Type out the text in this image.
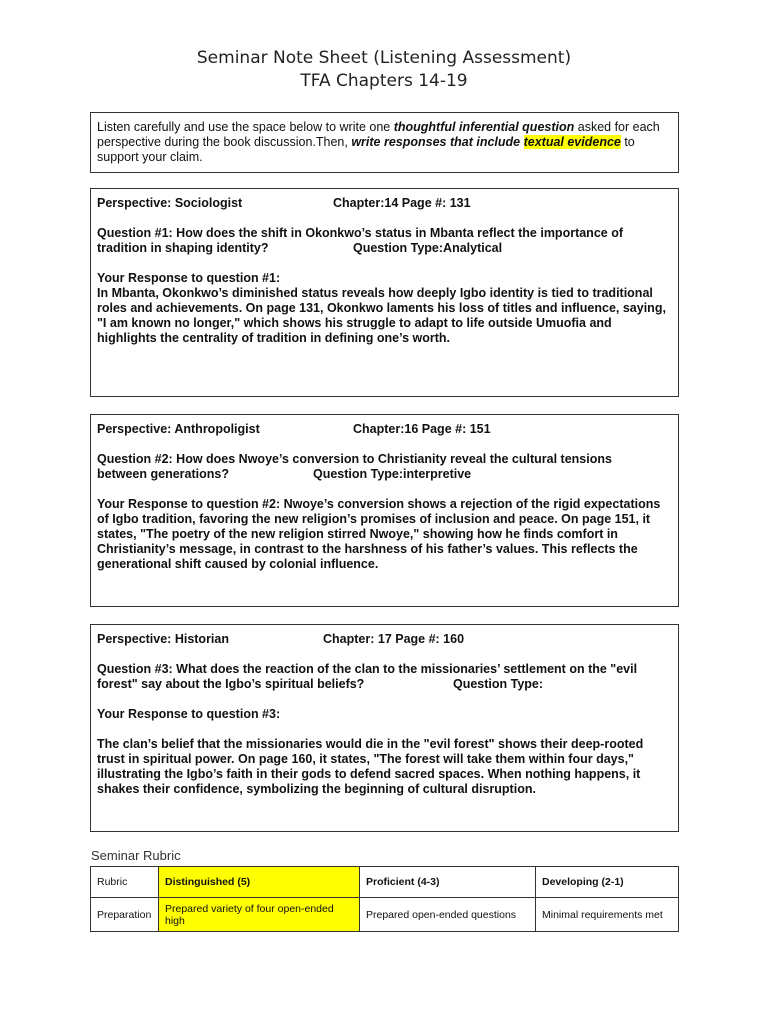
Seminar Note Sheet (Listening Assessment)
TFA Chapters 14-19
Listen carefully and use the space below to write one thoughtful inferential question asked for each perspective during the book discussion.Then, write responses that include textual evidence to support your claim.
Perspective: Sociologist	Chapter:14 Page #: 131
Question #1: How does the shift in Okonkwo’s status in Mbanta reflect the importance of
tradition in shaping identity?	Question Type:Analytical
Your Response to question #1:
In Mbanta, Okonkwo’s diminished status reveals how deeply Igbo identity is tied to traditional
roles and achievements. On page 131, Okonkwo laments his loss of titles and influence, saying,
"I am known no longer," which shows his struggle to adapt to life outside Umuofia and
highlights the centrality of tradition in defining one’s worth.
Perspective: Anthropoligist	Chapter:16 Page #: 151
Question #2: How does Nwoye’s conversion to Christianity reveal the cultural tensions
between generations?	Question Type:interpretive
Your Response to question #2: Nwoye’s conversion shows a rejection of the rigid expectations
of Igbo tradition, favoring the new religion’s promises of inclusion and peace. On page 151, it
states, "The poetry of the new religion stirred Nwoye," showing how he finds comfort in
Christianity’s message, in contrast to the harshness of his father’s values. This reflects the
generational shift caused by colonial influence.
Perspective: Historian	Chapter: 17 Page #: 160
Question #3: What does the reaction of the clan to the missionaries’ settlement on the "evil
forest" say about the Igbo’s spiritual beliefs?	Question Type:
Your Response to question #3:
The clan’s belief that the missionaries would die in the "evil forest" shows their deep-rooted
trust in spiritual power. On page 160, it states, "The forest will take them within four days,"
illustrating the Igbo’s faith in their gods to defend sacred spaces. When nothing happens, it
shakes their confidence, symbolizing the beginning of cultural disruption.
Seminar Rubric
Rubric	Distinguished (5)	Proficient (4-3)	Developing (2-1)
Preparation	Prepared variety of four open-ended high	Prepared open-ended questions	Minimal requirements met
